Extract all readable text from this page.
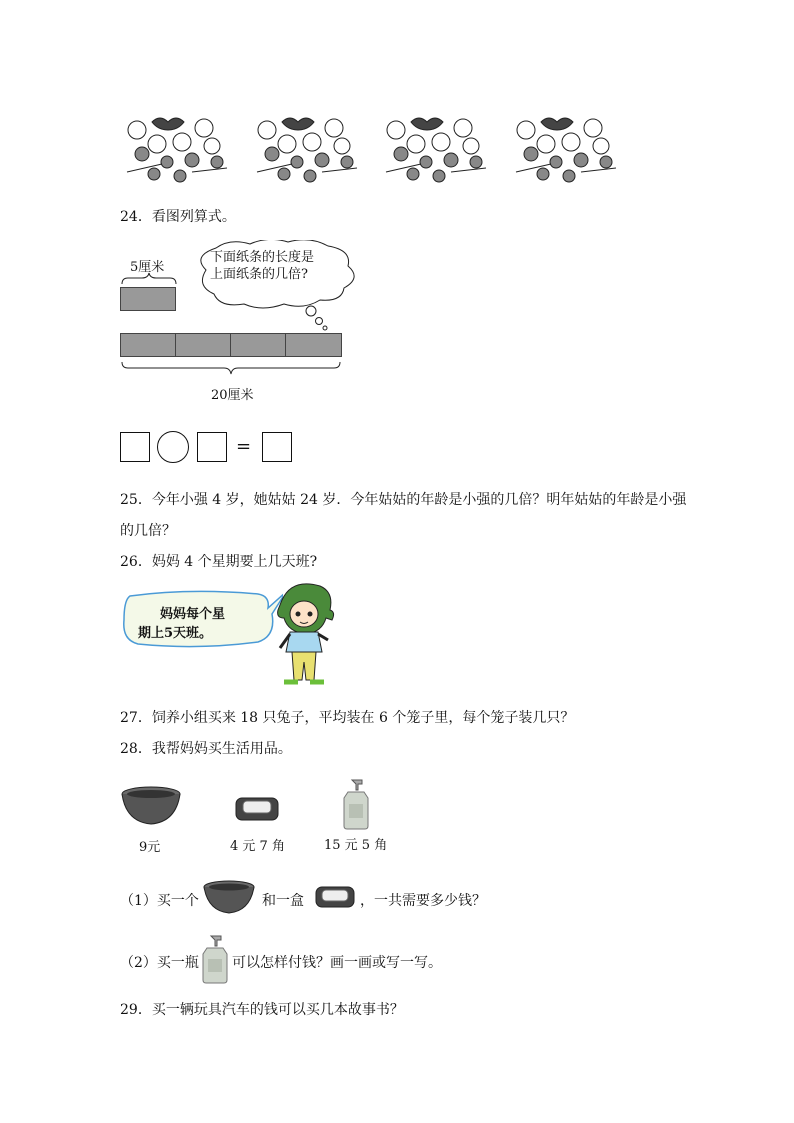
24．看图列算式。
5厘米
下面纸条的长度是
上面纸条的几倍?
20厘米
=
25．今年小强 4 岁，她姑姑 24 岁．今年姑姑的年龄是小强的几倍？明年姑姑的年龄是小强
的几倍？
26．妈妈 4 个星期要上几天班?
妈妈每个星
期上5天班。
27．饲养小组买来 18 只兔子，平均装在 6 个笼子里，每个笼子装几只？
28．我帮妈妈买生活用品。
9元	4 元 7 角	15 元 5 角
（1）买一个	和一盒	，一共需要多少钱？
（2）买一瓶 可以怎样付钱？画一画或写一写。
29．买一辆玩具汽车的钱可以买几本故事书？
